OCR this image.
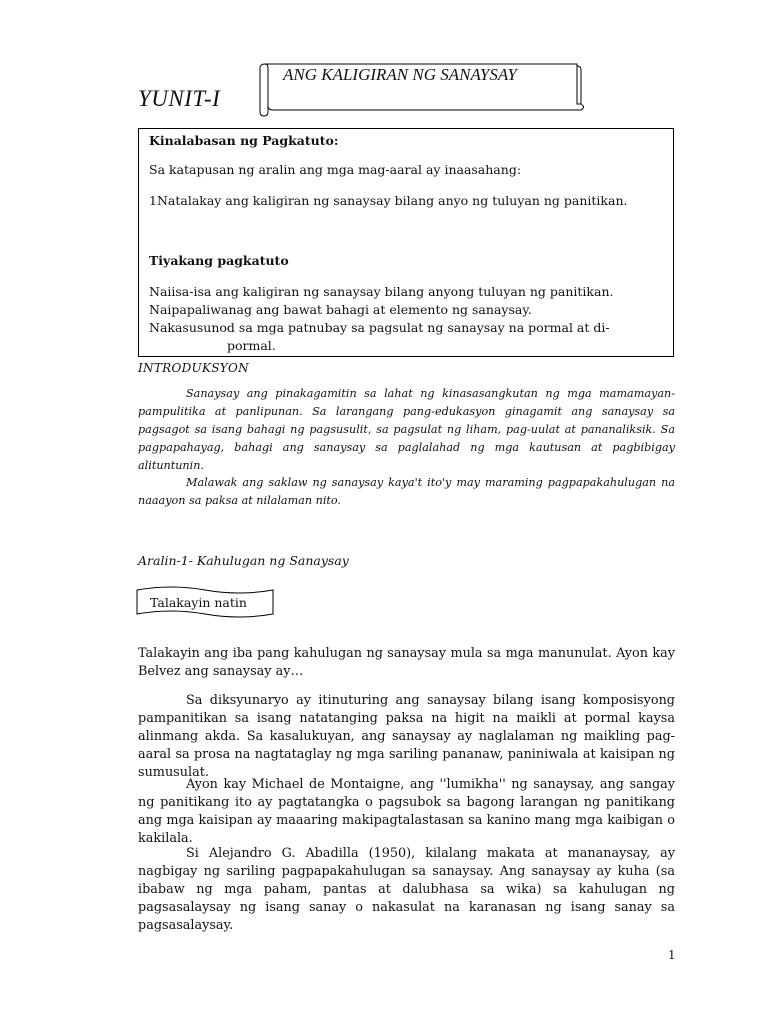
YUNIT-I
ANG KALIGIRAN NG SANAYSAY
Kinalabasan ng Pagkatuto:
Sa katapusan ng aralin ang mga mag-aaral ay inaasahang:
1Natalakay ang kaligiran ng sanaysay bilang anyo ng tuluyan ng panitikan.
Tiyakang pagkatuto
Naiisa-isa ang kaligiran ng sanaysay bilang anyong tuluyan ng panitikan.
Naipapaliwanag ang bawat bahagi at elemento ng sanaysay.
Nakasusunod sa mga patnubay sa pagsulat ng sanaysay na pormal at di-
pormal.
INTRODUKSYON
Sanaysay ang pinakagamitin sa lahat ng kinasasangkutan ng mga mamamayan-pampulitika at panlipunan. Sa larangang pang-edukasyon ginagamit ang sanaysay sa pagsagot sa isang bahagi ng pagsusulit, sa pagsulat ng liham, pag-uulat at pananaliksik. Sa pagpapahayag, bahagi ang sanaysay sa paglalahad ng mga kautusan at pagbibigay alituntunin.
Malawak ang saklaw ng sanaysay kaya't ito'y may maraming pagpapakahulugan na naaayon sa paksa at nilalaman nito.
Aralin-1- Kahulugan ng Sanaysay
Talakayin natin
Talakayin ang iba pang kahulugan ng sanaysay mula sa mga manunulat. Ayon kay Belvez ang sanaysay ay…
Sa diksyunaryo ay itinuturing ang sanaysay bilang isang komposisyong pampanitikan sa isang natatanging paksa na higit na maikli at pormal kaysa alinmang akda. Sa kasalukuyan, ang sanaysay ay naglalaman ng maikling pag-aaral sa prosa na nagtataglay ng mga sariling pananaw, paniniwala at kaisipan ng sumusulat.
Ayon kay Michael de Montaigne, ang ''lumikha'' ng sanaysay, ang sangay ng panitikang ito ay pagtatangka o pagsubok sa bagong larangan ng panitikang ang mga kaisipan ay maaaring makipagtalastasan sa kanino mang mga kaibigan o kakilala.
Si Alejandro G. Abadilla (1950), kilalang makata at mananaysay, ay nagbigay ng sariling pagpapakahulugan sa sanaysay. Ang sanaysay ay kuha (sa ibabaw ng mga paham, pantas at dalubhasa sa wika) sa kahulugan ng pagsasalaysay ng isang sanay o nakasulat na karanasan ng isang sanay sa pagsasalaysay.
1
